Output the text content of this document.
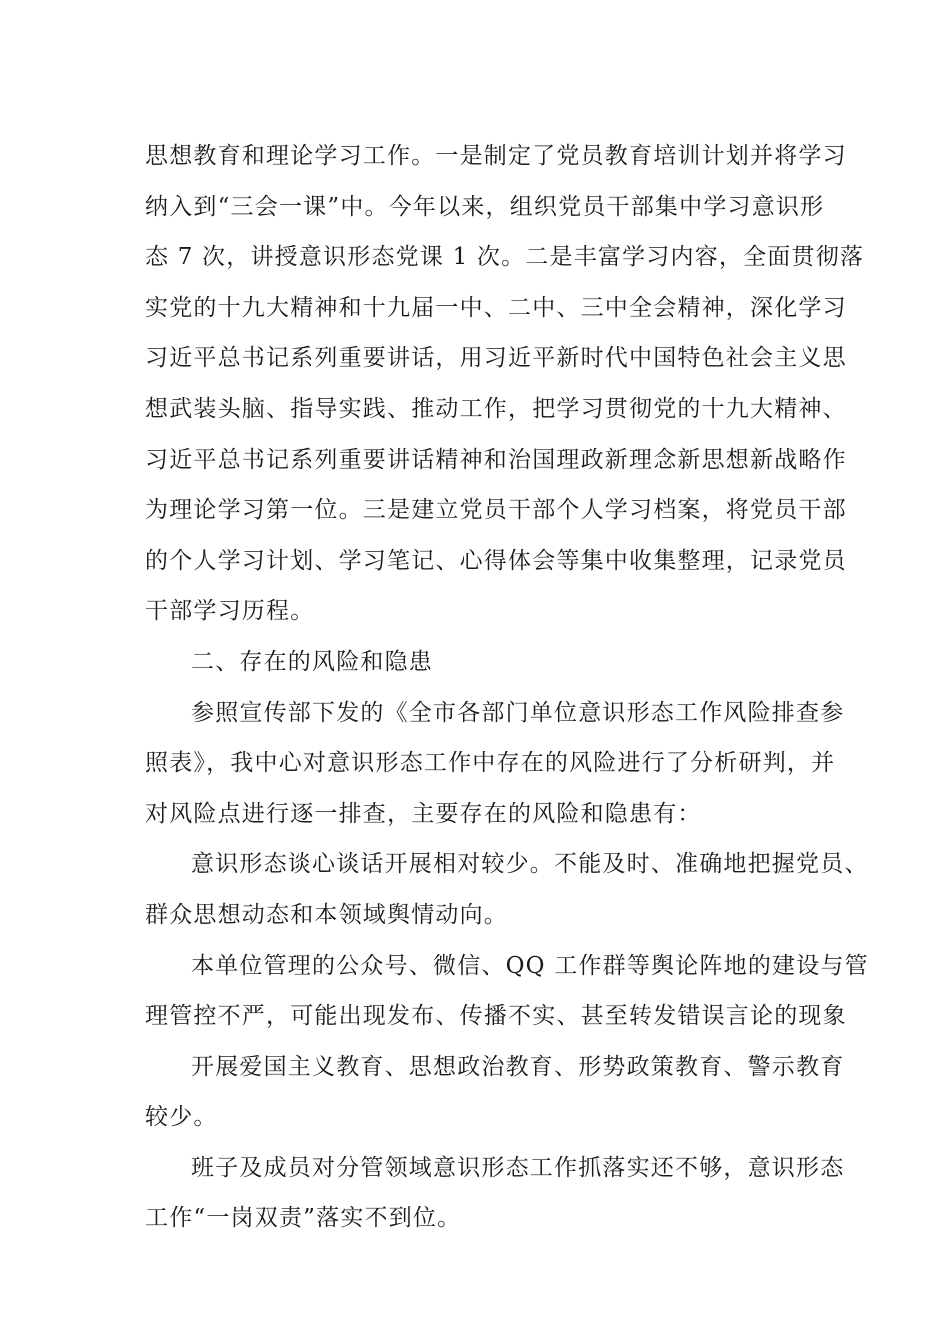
思想教育和理论学习工作。一是制定了党员教育培训计划并将学习
纳入到“三会一课”中。今年以来，组织党员干部集中学习意识形
态 7 次，讲授意识形态党课 1 次。二是丰富学习内容，全面贯彻落
实党的十九大精神和十九届一中、二中、三中全会精神，深化学习
习近平总书记系列重要讲话，用习近平新时代中国特色社会主义思
想武装头脑、指导实践、推动工作，把学习贯彻党的十九大精神、
习近平总书记系列重要讲话精神和治国理政新理念新思想新战略作
为理论学习第一位。三是建立党员干部个人学习档案，将党员干部
的个人学习计划、学习笔记、心得体会等集中收集整理，记录党员
干部学习历程。

二、存在的风险和隐患

参照宣传部下发的《全市各部门单位意识形态工作风险排查参
照表》，我中心对意识形态工作中存在的风险进行了分析研判，并
对风险点进行逐一排查，主要存在的风险和隐患有：

意识形态谈心谈话开展相对较少。不能及时、准确地把握党员、
群众思想动态和本领域舆情动向。

本单位管理的公众号、微信、QQ 工作群等舆论阵地的建设与管
理管控不严，可能出现发布、传播不实、甚至转发错误言论的现象

开展爱国主义教育、思想政治教育、形势政策教育、警示教育
较少。

班子及成员对分管领域意识形态工作抓落实还不够，意识形态
工作“一岗双责”落实不到位。
